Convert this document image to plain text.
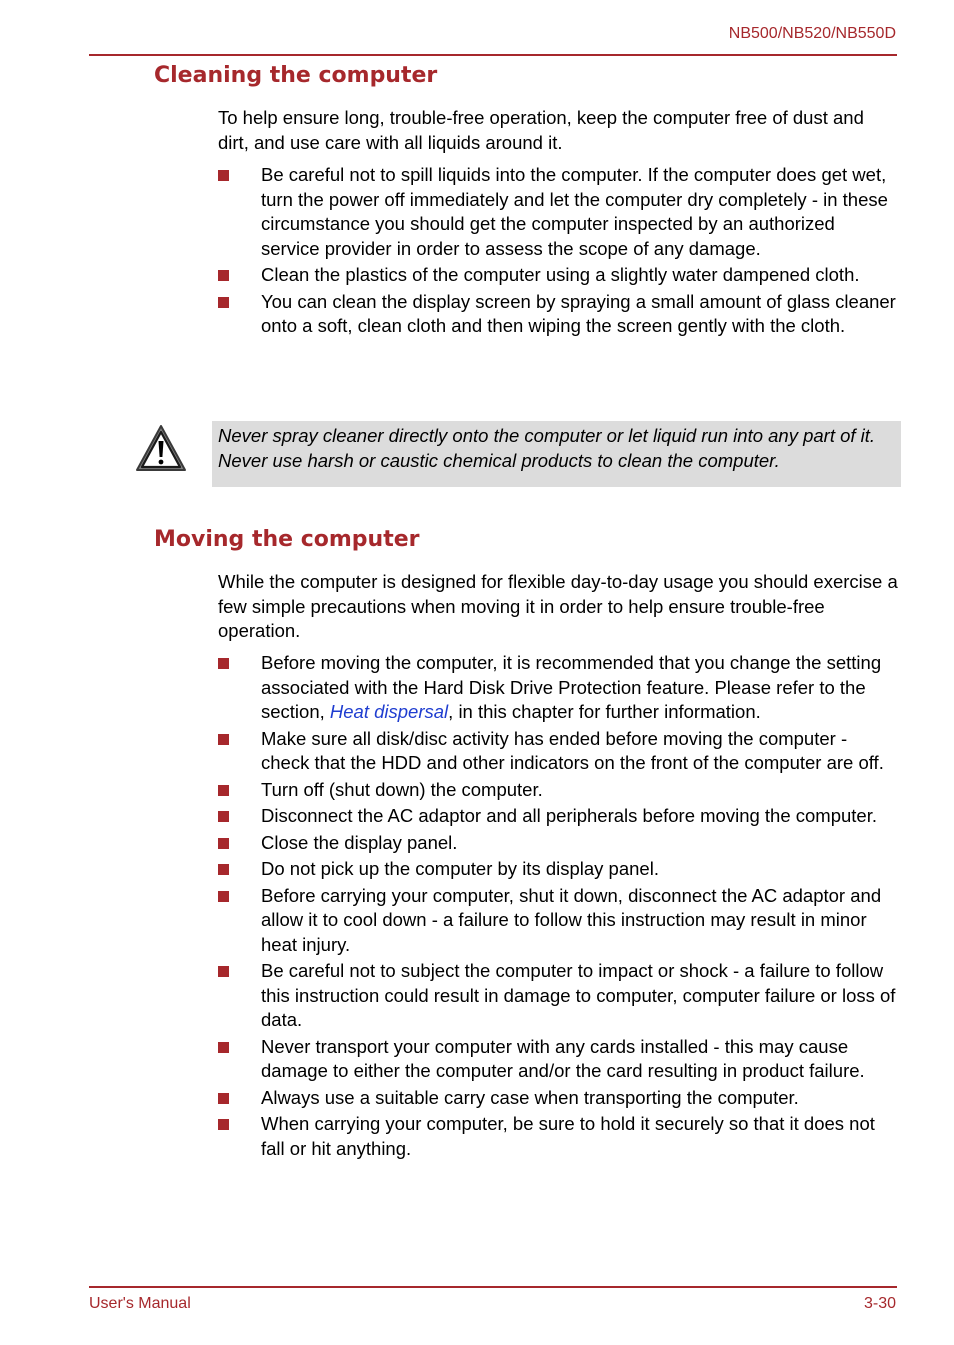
NB500/NB520/NB550D
Cleaning the computer

To help ensure long, trouble-free operation, keep the computer free of dust and dirt, and use care with all liquids around it.

Be careful not to spill liquids into the computer. If the computer does get wet, turn the power off immediately and let the computer dry completely - in these circumstance you should get the computer inspected by an authorized service provider in order to assess the scope of any damage.
Clean the plastics of the computer using a slightly water dampened cloth.
You can clean the display screen by spraying a small amount of glass cleaner onto a soft, clean cloth and then wiping the screen gently with the cloth.

Never spray cleaner directly onto the computer or let liquid run into any part of it. Never use harsh or caustic chemical products to clean the computer.

Moving the computer

While the computer is designed for flexible day-to-day usage you should exercise a few simple precautions when moving it in order to help ensure trouble-free operation.

Before moving the computer, it is recommended that you change the setting associated with the Hard Disk Drive Protection feature. Please refer to the section, Heat dispersal, in this chapter for further information.
Make sure all disk/disc activity has ended before moving the computer - check that the HDD and other indicators on the front of the computer are off.
Turn off (shut down) the computer.
Disconnect the AC adaptor and all peripherals before moving the computer.
Close the display panel.
Do not pick up the computer by its display panel.
Before carrying your computer, shut it down, disconnect the AC adaptor and allow it to cool down - a failure to follow this instruction may result in minor heat injury.
Be careful not to subject the computer to impact or shock - a failure to follow this instruction could result in damage to computer, computer failure or loss of data.
Never transport your computer with any cards installed - this may cause damage to either the computer and/or the card resulting in product failure.
Always use a suitable carry case when transporting the computer.
When carrying your computer, be sure to hold it securely so that it does not fall or hit anything.
User's Manual	3-30
